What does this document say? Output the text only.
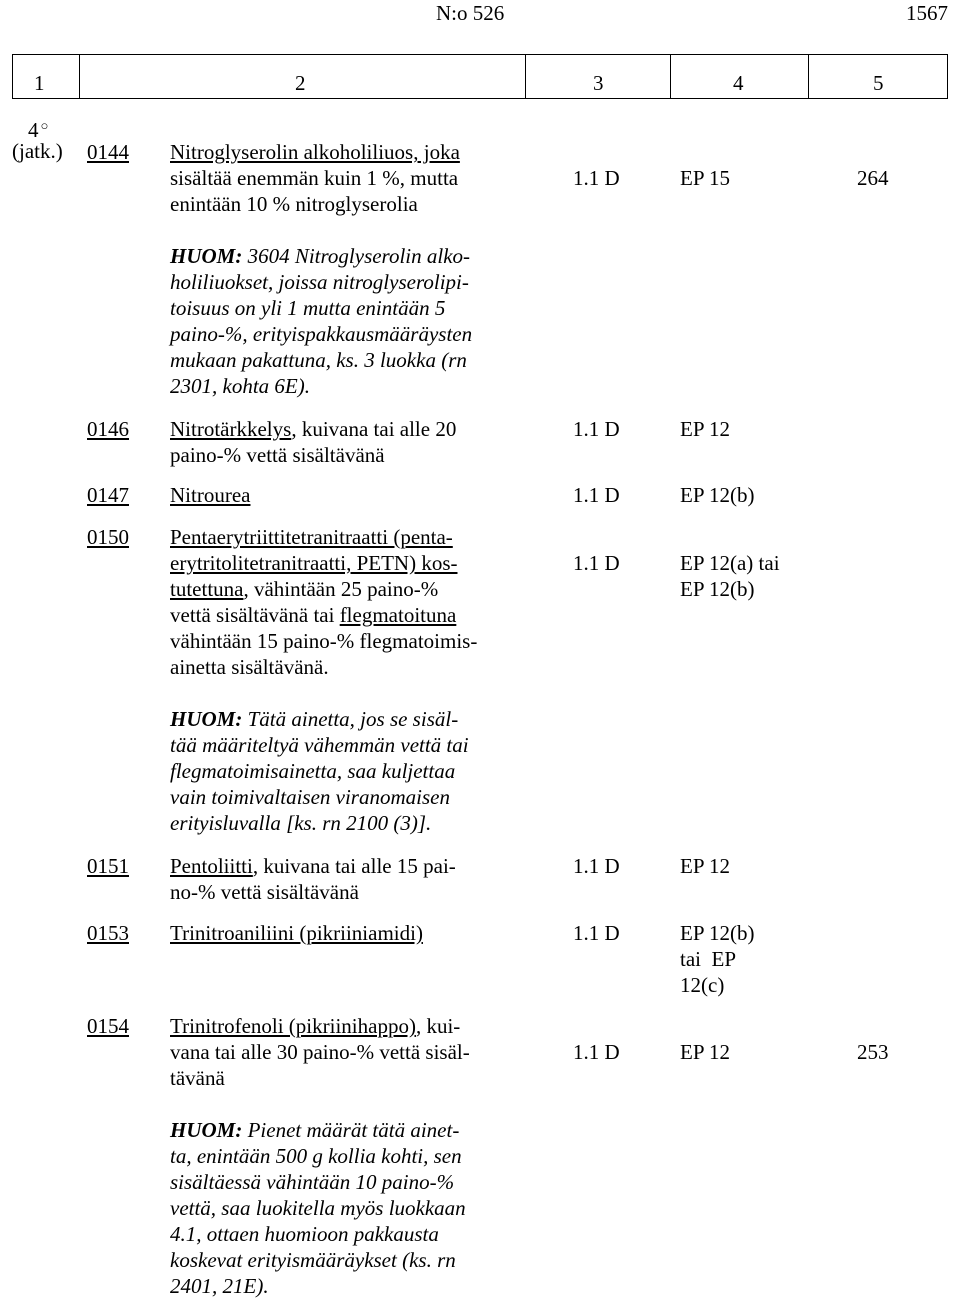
N:o 526	1567
1	2	3	4	5
4 ○
(jatk.) 0144 Nitroglyserolin alkoholiliuos, joka
sisältää enemmän kuin 1 %, mutta
enintään 10 % nitroglyserolia
1.1 D	EP 15	264
HUOM: 3604 Nitroglyserolin alko-
holiliuokset, joissa nitroglyserolipi-
toisuus on yli 1 mutta enintään 5
paino-%, erityispakkausmääräysten
mukaan pakattuna, ks. 3 luokka (rn
2301, kohta 6E).
0146 Nitrotärkkelys, kuivana tai alle 20
paino-% vettä sisältävänä
1.1 D	EP 12
0147 Nitrourea	1.1 D	EP 12(b)
0150 Pentaerytriittitetranitraatti (penta-
erytritolitetranitraatti, PETN) kos-
tutettuna, vähintään 25 paino-%
vettä sisältävänä tai flegmatoituna
vähintään 15 paino-% flegmatoimis-
ainetta sisältävänä.
1.1 D	EP 12(a) tai
EP 12(b)
HUOM: Tätä ainetta, jos se sisäl-
tää määriteltyä vähemmän vettä tai
flegmatoimisainetta, saa kuljettaa
vain toimivaltaisen viranomaisen
erityisluvalla [ks. rn 2100 (3)].
0151 Pentoliitti, kuivana tai alle 15 pai-
no-% vettä sisältävänä
1.1 D	EP 12
0153 Trinitroaniliini (pikriiniamidi)	1.1 D	EP 12(b)
tai  EP
12(c)
0154 Trinitrofenoli (pikriinihappo), kui-
vana tai alle 30 paino-% vettä sisäl-
tävänä
1.1 D	EP 12	253
HUOM: Pienet määrät tätä ainet-
ta, enintään 500 g kollia kohti, sen
sisältäessä vähintään 10 paino-%
vettä, saa luokitella myös luokkaan
4.1, ottaen huomioon pakkausta
koskevat erityismääräykset (ks. rn
2401, 21E).
